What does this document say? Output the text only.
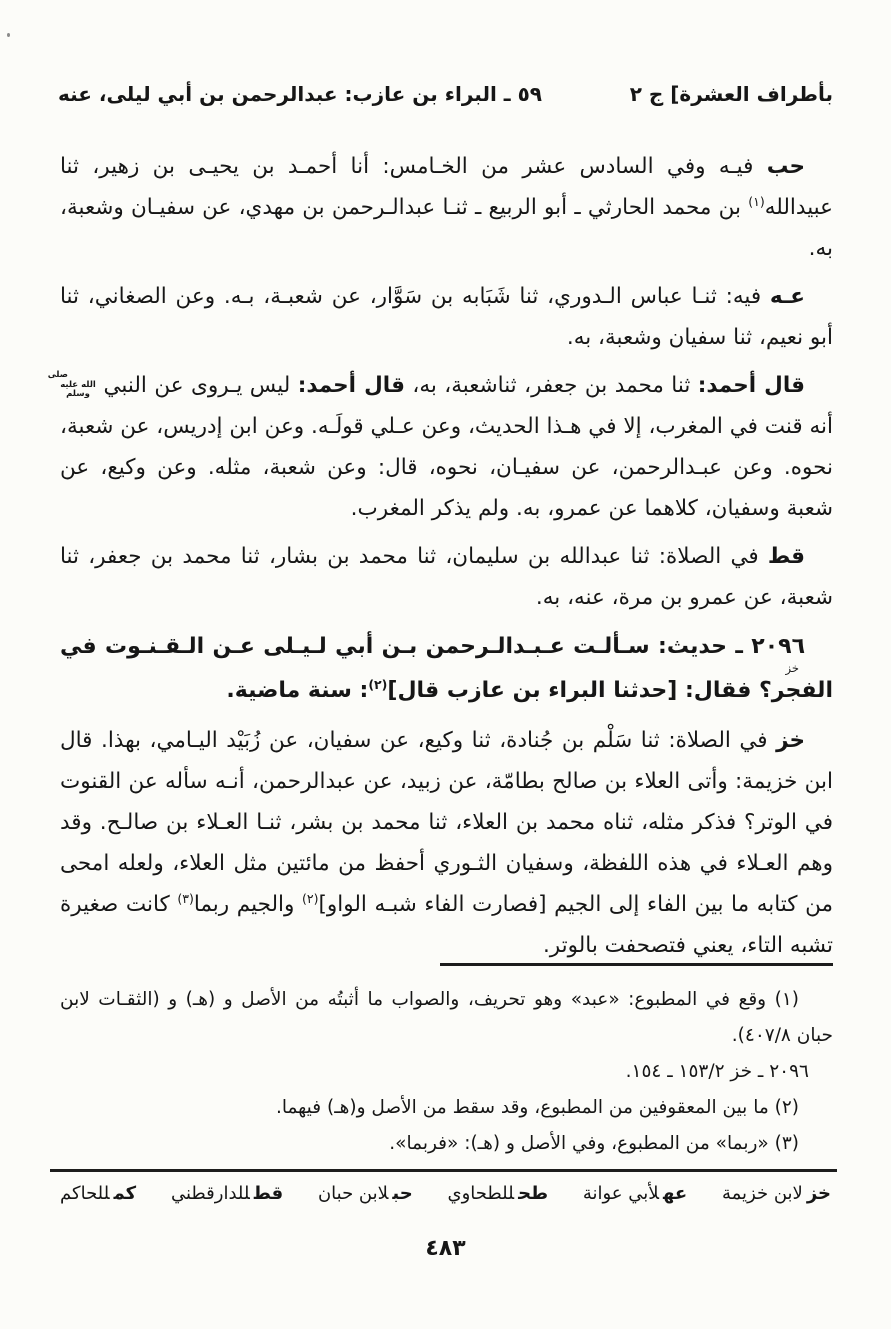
بأطراف العشرة] ج ٢
٥٩ ـ البراء بن عازب: عبدالرحمن بن أبي ليلى، عنه

حب فيـه وفي السادس عشر من الخـامس: أنا أحمـد بن يحيـى بن زهير، ثنا عبيدالله$^{(١)}$ بن محمد الحارثي ـ أبو الربيع ـ ثنـا عبدالـرحمن بن مهدي، عن سفيـان وشعبة، به.

عـه فيه: ثنـا عباس الـدوري، ثنا شَبَابه بن سَوَّار، عن شعبـة، بـه. وعن الصغاني، ثنا أبو نعيم، ثنا سفيان وشعبة، به.

قال أحمد: ثنا محمد بن جعفر، ثناشعبة، به، قال أحمد: ليس يـروى عن النبي صلى الله عليه وسلم أنه قنت في المغرب، إلا في هـذا الحديث، وعن عـلي قولَـه. وعن ابن إدريس، عن شعبة، نحوه. وعن عبـدالرحمن، عن سفيـان، نحوه، قال: وعن شعبة، مثله. وعن وكيع، عن شعبة وسفيان، كلاهما عن عمرو، به. ولم يذكر المغرب.

قط في الصلاة: ثنا عبدالله بن سليمان، ثنا محمد بن بشار، ثنا محمد بن جعفر، ثنا شعبة، عن عمرو بن مرة، عنه، به.

٢٠٩٦ ـ حديث: سـألـت عـبـدالـرحمن بـن أبي لـيـلى عـن الـقـنـوت في
خز
الفجر؟ فقال: [حدثنا البراء بن عازب قال]$^{(٢)}$: سنة ماضية.

خز في الصلاة: ثنا سَلْم بن جُنادة، ثنا وكيع، عن سفيان، عن زُبَيْد اليـامي، بهذا. قال ابن خزيمة: وأتى العلاء بن صالح بطامّة، عن زبيد، عن عبدالرحمن، أنـه سأله عن القنوت في الوتر؟ فذكر مثله، ثناه محمد بن العلاء، ثنا محمد بن بشر، ثنـا العـلاء بن صالـح. وقد وهم العـلاء في هذه اللفظة، وسفيان الثـوري أحفظ من مائتين مثل العلاء، ولعله امحى من كتابه ما بين الفاء إلى الجيم [فصارت الفاء شبـه الواو]$^{(٢)}$ والجيم ربما$^{(٣)}$ كانت صغيرة تشبه التاء، يعني فتصحفت بالوتر.

(١) وقع في المطبوع: «عبد» وهو تحريف، والصواب ما أثبتُه من الأصل و (هـ) و (الثقـات لابن حبان ٤٠٧/٨).

٢٠٩٦ ـ خز ١٥٣/٢ ـ ١٥٤.

(٢) ما بين المعقوفين من المطبوع، وقد سقط من الأصل و(هـ) فيهما.

(٣) «ربما» من المطبوع، وفي الأصل و (هـ): «فربما».

خزلابن خزيمة
عهلأبي عوانة
طحللطحاوي
حبلابن حبان
قطللدارقطني
كمللحاكم
٤٨٣
